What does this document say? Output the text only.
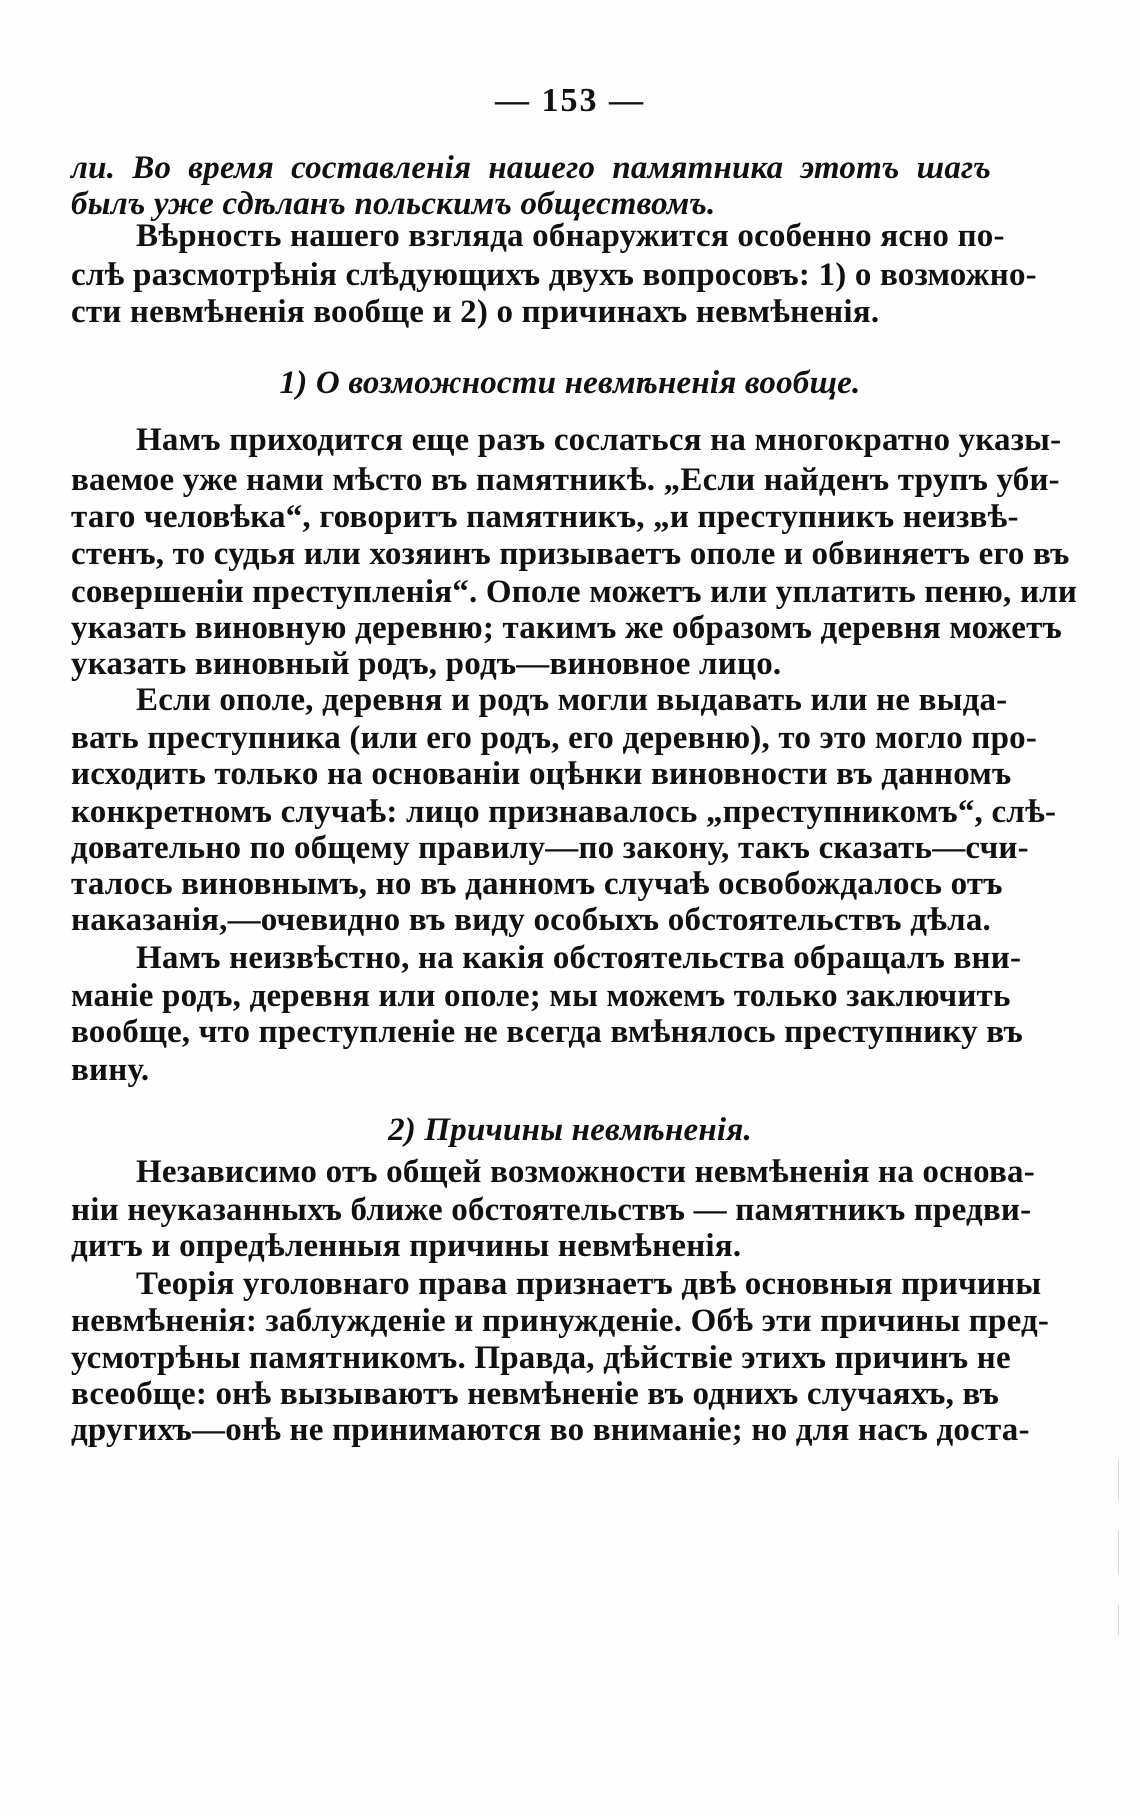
— 153 —
ли. Во время составленія нашего памятника этотъ шагъ
былъ уже сдѣланъ польскимъ обществомъ.
Вѣрность нашего взгляда обнаружится особенно ясно по-
слѣ разсмотрѣнія слѣдующихъ двухъ вопросовъ: 1) о возможно-
сти невмѣненія вообще и 2) о причинахъ невмѣненія.
1) О возможности невмѣненія вообще.
Намъ приходится еще разъ сослаться на многократно указы-
ваемое уже нами мѣсто въ памятникѣ. „Если найденъ трупъ уби-
таго человѣка“, говоритъ памятникъ, „и преступникъ неизвѣ-
стенъ, то судья или хозяинъ призываетъ ополе и обвиняетъ его въ
совершеніи преступленія“. Ополе можетъ или уплатить пеню, или
указать виновную деревню; такимъ же образомъ деревня можетъ
указать виновный родъ, родъ—виновное лицо.
Если ополе, деревня и родъ могли выдавать или не выда-
вать преступника (или его родъ, его деревню), то это могло про-
исходить только на основаніи оцѣнки виновности въ данномъ
конкретномъ случаѣ: лицо признавалось „преступникомъ“, слѣ-
довательно по общему правилу—по закону, такъ сказать—счи-
талось виновнымъ, но въ данномъ случаѣ освобождалось отъ
наказанія,—очевидно въ виду особыхъ обстоятельствъ дѣла.
Намъ неизвѣстно, на какія обстоятельства обращалъ вни-
маніе родъ, деревня или ополе; мы можемъ только заключить
вообще, что преступленіе не всегда вмѣнялось преступнику въ
вину.
2) Причины невмѣненія.
Независимо отъ общей возможности невмѣненія на основа-
ніи неуказанныхъ ближе обстоятельствъ — памятникъ предви-
дитъ и опредѣленныя причины невмѣненія.
Теорія уголовнаго права признаетъ двѣ основныя причины
невмѣненія: заблужденіе и принужденіе. Обѣ эти причины пред-
усмотрѣны памятникомъ. Правда, дѣйствіе этихъ причинъ не
всеобще: онѣ вызываютъ невмѣненіе въ однихъ случаяхъ, въ
другихъ—онѣ не принимаются во вниманіе; но для насъ доста-
